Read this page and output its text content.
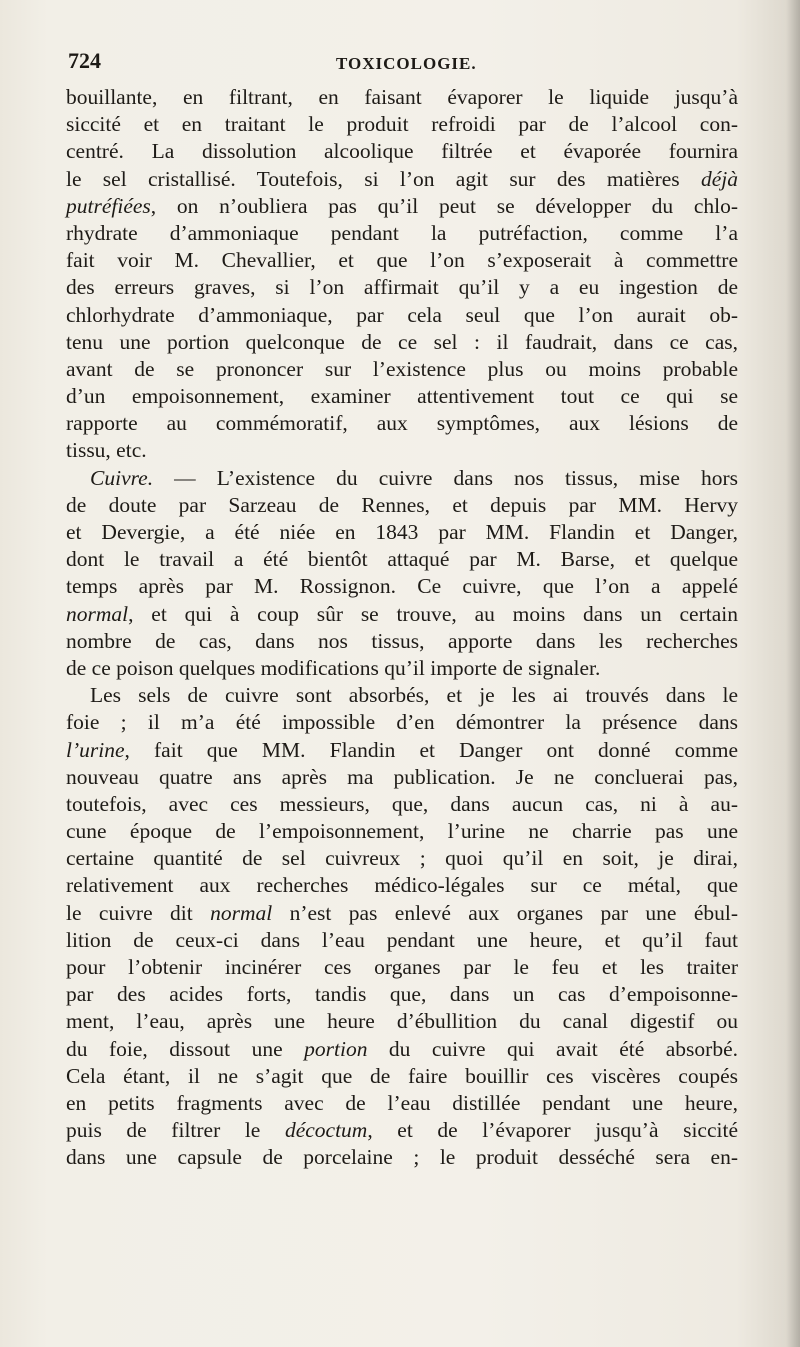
724	TOXICOLOGIE.
bouillante, en filtrant, en faisant évaporer le liquide jusqu’à
siccité et en traitant le produit refroidi par de l’alcool con-
centré. La dissolution alcoolique filtrée et évaporée fournira
le sel cristallisé. Toutefois, si l’on agit sur des matières déjà
putréfiées, on n’oubliera pas qu’il peut se développer du chlo-
rhydrate d’ammoniaque pendant la putréfaction, comme l’a
fait voir M. Chevallier, et que l’on s’exposerait à commettre
des erreurs graves, si l’on affirmait qu’il y a eu ingestion de
chlorhydrate d’ammoniaque, par cela seul que l’on aurait ob-
tenu une portion quelconque de ce sel : il faudrait, dans ce cas,
avant de se prononcer sur l’existence plus ou moins probable
d’un empoisonnement, examiner attentivement tout ce qui se
rapporte au commémoratif, aux symptômes, aux lésions de
tissu, etc.
Cuivre. — L’existence du cuivre dans nos tissus, mise hors
de doute par Sarzeau de Rennes, et depuis par MM. Hervy
et Devergie, a été niée en 1843 par MM. Flandin et Danger,
dont le travail a été bientôt attaqué par M. Barse, et quelque
temps après par M. Rossignon. Ce cuivre, que l’on a appelé
normal, et qui à coup sûr se trouve, au moins dans un certain
nombre de cas, dans nos tissus, apporte dans les recherches
de ce poison quelques modifications qu’il importe de signaler.
Les sels de cuivre sont absorbés, et je les ai trouvés dans le
foie ; il m’a été impossible d’en démontrer la présence dans
l’urine, fait que MM. Flandin et Danger ont donné comme
nouveau quatre ans après ma publication. Je ne concluerai pas,
toutefois, avec ces messieurs, que, dans aucun cas, ni à au-
cune époque de l’empoisonnement, l’urine ne charrie pas une
certaine quantité de sel cuivreux ; quoi qu’il en soit, je dirai,
relativement aux recherches médico-légales sur ce métal, que
le cuivre dit normal n’est pas enlevé aux organes par une ébul-
lition de ceux-ci dans l’eau pendant une heure, et qu’il faut
pour l’obtenir incinérer ces organes par le feu et les traiter
par des acides forts, tandis que, dans un cas d’empoisonne-
ment, l’eau, après une heure d’ébullition du canal digestif ou
du foie, dissout une portion du cuivre qui avait été absorbé.
Cela étant, il ne s’agit que de faire bouillir ces viscères coupés
en petits fragments avec de l’eau distillée pendant une heure,
puis de filtrer le décoctum, et de l’évaporer jusqu’à siccité
dans une capsule de porcelaine ; le produit desséché sera en-
